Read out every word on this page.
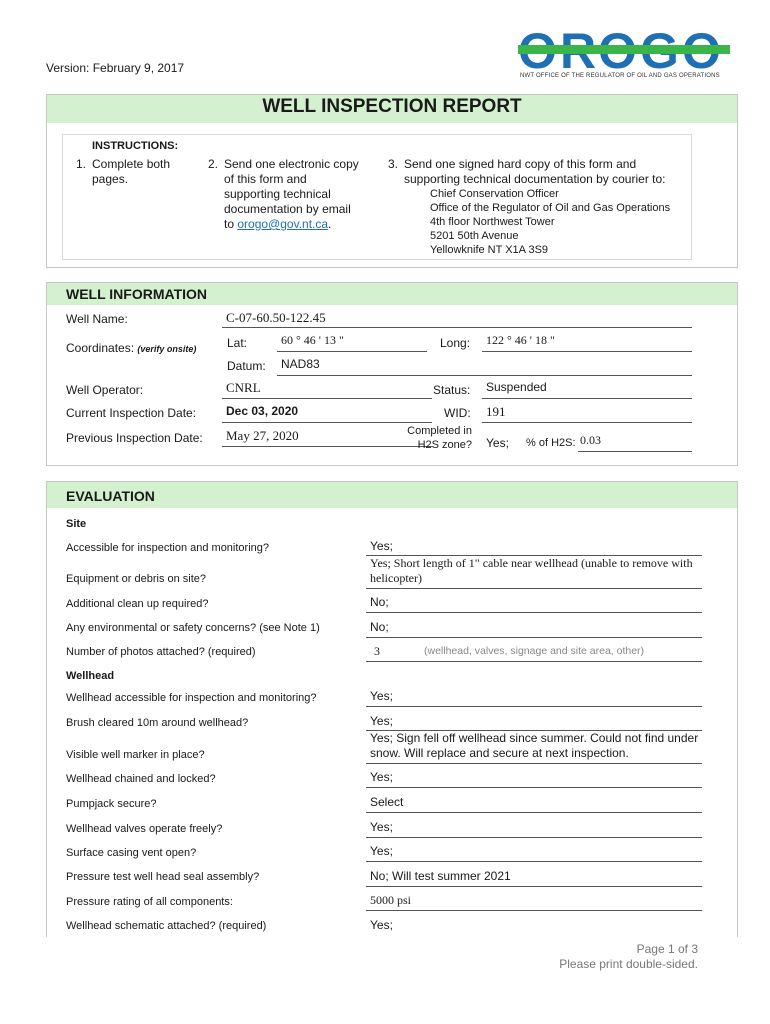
Version: February 9, 2017
NWT OFFICE OF THE REGULATOR OF OIL AND GAS OPERATIONS
WELL INSPECTION REPORT
INSTRUCTIONS:
1. Complete both pages.
2. Send one electronic copy of this form and supporting technical documentation by email to orogo@gov.nt.ca.
3. Send one signed hard copy of this form and supporting technical documentation by courier to:
Chief Conservation Officer
Office of the Regulator of Oil and Gas Operations
4th floor Northwest Tower
5201 50th Avenue
Yellowknife NT X1A 3S9
WELL INFORMATION
Well Name:	C-07-60.50-122.45
Coordinates: (verify onsite)	Lat:	60 ° 46 ' 13 "	Long:	122 ° 46 ' 18 "
Datum:	NAD83
Well Operator:	CNRL	Status:	Suspended
Current Inspection Date:	Dec 03, 2020	WID:	191
Previous Inspection Date:	May 27, 2020	Completed in
H2S zone? Yes; % of H2S: 0.03
EVALUATION
Site
Accessible for inspection and monitoring?	Yes;
Equipment or debris on site?
Yes; Short length of 1" cable near wellhead (unable to remove with helicopter)
Additional clean up required?	No;
Any environmental or safety concerns? (see Note 1)	No;
Number of photos attached? (required)	3	(wellhead, valves, signage and site area, other)
Wellhead
Wellhead accessible for inspection and monitoring?	Yes;
Brush cleared 10m around wellhead?	Yes;
Visible well marker in place?
Yes; Sign fell off wellhead since summer. Could not find under snow. Will replace and secure at next inspection.
Wellhead chained and locked?	Yes;
Pumpjack secure?	Select
Wellhead valves operate freely?	Yes;
Surface casing vent open?	Yes;
Pressure test well head seal assembly?	No; Will test summer 2021
Pressure rating of all components:	5000 psi
Wellhead schematic attached? (required)	Yes;
Page 1 of 3
Please print double-sided.
